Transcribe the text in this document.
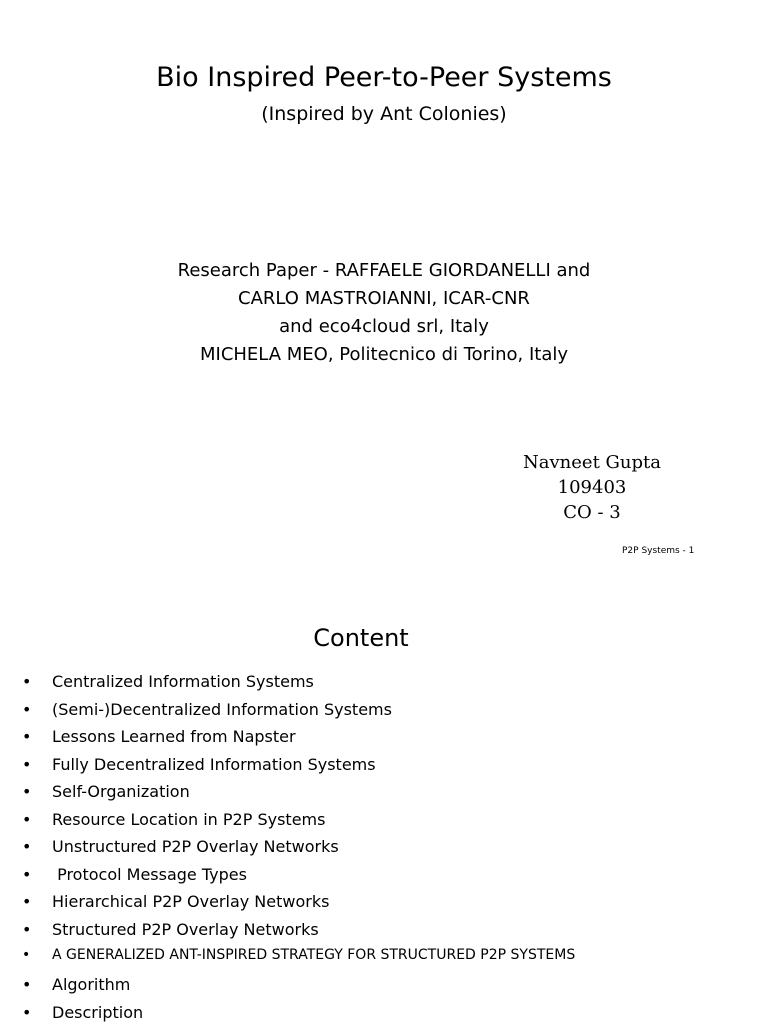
Bio Inspired Peer-to-Peer Systems
(Inspired by Ant Colonies)
Research Paper - RAFFAELE GIORDANELLI and
CARLO MASTROIANNI, ICAR-CNR
and eco4cloud srl, Italy
MICHELA MEO, Politecnico di Torino, Italy
Navneet Gupta
109403
CO - 3
P2P Systems - 1
Content
• Centralized Information Systems
• (Semi-)Decentralized Information Systems
• Lessons Learned from Napster
• Fully Decentralized Information Systems
• Self-Organization
• Resource Location in P2P Systems
• Unstructured P2P Overlay Networks
• Protocol Message Types
• Hierarchical P2P Overlay Networks
• Structured P2P Overlay Networks
• A GENERALIZED ANT-INSPIRED STRATEGY FOR STRUCTURED P2P SYSTEMS
• Algorithm
• Description
